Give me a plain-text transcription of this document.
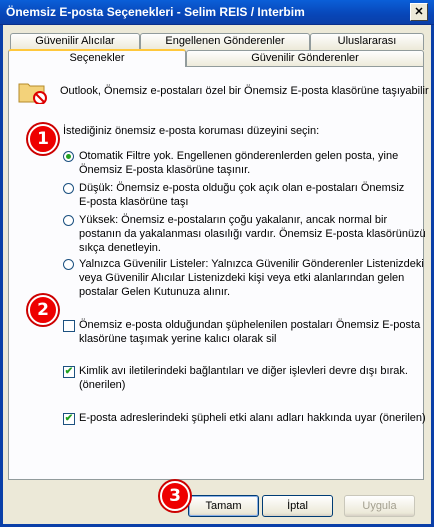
Önemsiz E-posta Seçenekleri - Selim REIS / Interbim	✕
Güvenilir Alıcılar	Engellenen Gönderenler	Uluslararası
Seçenekler	Güvenilir Gönderenler
Outlook, Önemsiz e-postaları özel bir Önemsiz E-posta klasörüne taşıyabilir
1	İstediğiniz önemsiz e-posta koruması düzeyini seçin:
Otomatik Filtre yok. Engellenen gönderenlerden gelen posta, yine
Önemsiz E-posta klasörüne taşınır.
Düşük: Önemsiz e-posta olduğu çok açık olan e-postaları Önemsiz
E-posta klasörüne taşı
Yüksek: Önemsiz e-postaların çoğu yakalanır, ancak normal bir
postanın da yakalanması olasılığı vardır. Önemsiz E-posta klasörünüzü
sıkça denetleyin.
Yalnızca Güvenilir Listeler: Yalnızca Güvenilir Gönderenler Listenizdeki
veya Güvenilir Alıcılar Listenizdeki kişi veya etki alanlarından gelen
postalar Gelen Kutunuza alınır.
2
Önemsiz e-posta olduğundan şüphelenilen postaları Önemsiz E-posta
klasörüne taşımak yerine kalıcı olarak sil
✔ Kimlik avı iletilerindeki bağlantıları ve diğer işlevleri devre dışı bırak.
(önerilen)
✔ E-posta adreslerindeki şüpheli etki alanı adları hakkında uyar (önerilen)
3	Tamam	İptal	Uygula
